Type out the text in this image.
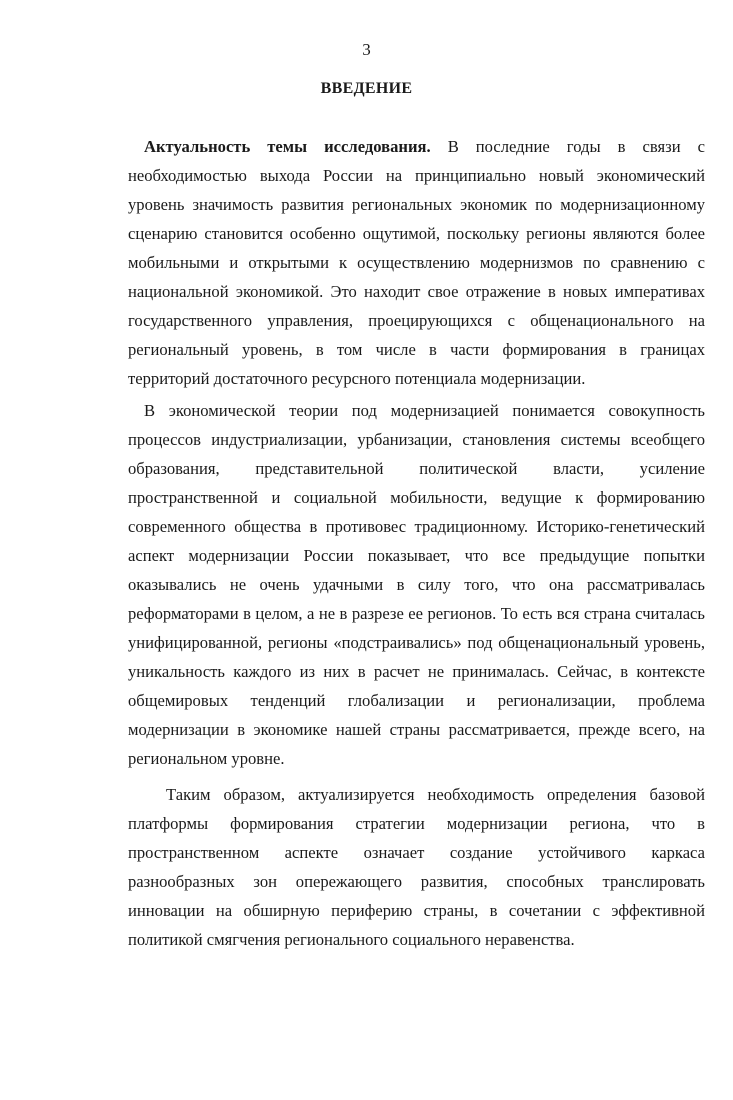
3
ВВЕДЕНИЕ

Актуальность темы исследования. В последние годы в связи с необходимостью выхода России на принципиально новый экономический уровень значимость развития региональных экономик по модернизационному сценарию становится особенно ощутимой, поскольку регионы являются более мобильными и открытыми к осуществлению модернизмов по сравнению с национальной экономикой. Это находит свое отражение в новых императивах государственного управления, проецирующихся с общенационального на региональный уровень, в том числе в части формирования в границах территорий достаточного ресурсного потенциала модернизации.

В экономической теории под модернизацией понимается совокупность процессов индустриализации, урбанизации, становления системы всеобщего образования, представительной политической власти, усиление пространственной и социальной мобильности, ведущие к формированию современного общества в противовес традиционному. Историко-генетический аспект модернизации России показывает, что все предыдущие попытки оказывались не очень удачными в силу того, что она рассматривалась реформаторами в целом, а не в разрезе ее регионов. То есть вся страна считалась унифицированной, регионы «подстраивались» под общенациональный уровень, уникальность каждого из них в расчет не принималась. Сейчас, в контексте общемировых тенденций глобализации и регионализации, проблема модернизации в экономике нашей страны рассматривается, прежде всего, на региональном уровне.

Таким образом, актуализируется необходимость определения базовой платформы формирования стратегии модернизации региона, что в пространственном аспекте означает создание устойчивого каркаса разнообразных зон опережающего развития, способных транслировать инновации на обширную периферию страны, в сочетании с эффективной политикой смягчения регионального социального неравенства.
